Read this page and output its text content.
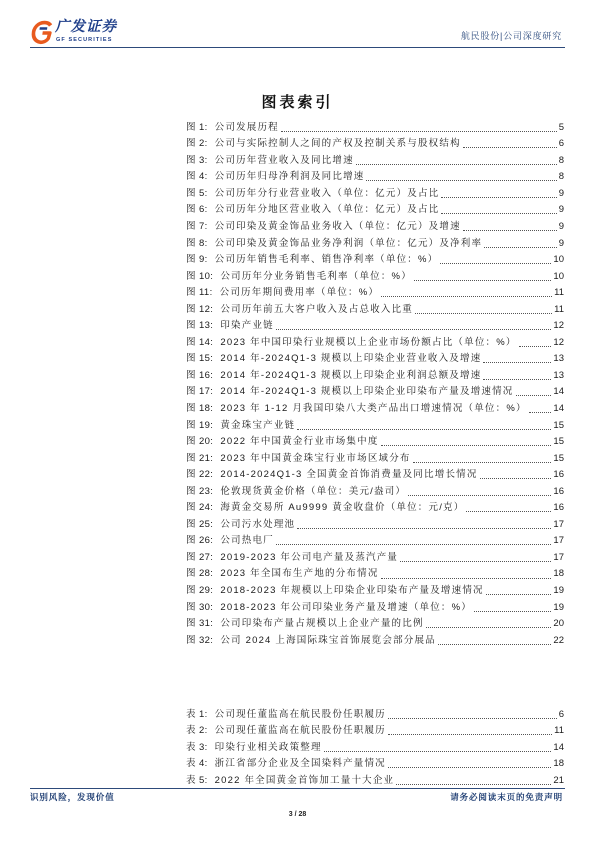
广发证券
GF SECURITIES	航民股份|公司深度研究
图表索引
图 1: 公司发展历程	5
图 2: 公司与实际控制人之间的产权及控制关系与股权结构	6
图 3: 公司历年营业收入及同比增速	8
图 4: 公司历年归母净利润及同比增速	8
图 5: 公司历年分行业营业收入（单位：亿元）及占比	9
图 6: 公司历年分地区营业收入（单位：亿元）及占比	9
图 7: 公司印染及黄金饰品业务收入（单位：亿元）及增速	9
图 8: 公司印染及黄金饰品业务净利润（单位：亿元）及净利率	9
图 9: 公司历年销售毛利率、销售净利率（单位：%）	10
图 10: 公司历年分业务销售毛利率（单位：%）	10
图 11: 公司历年期间费用率（单位：%）	11
图 12: 公司历年前五大客户收入及占总收入比重	11
图 13: 印染产业链	12
图 14: 2023 年中国印染行业规模以上企业市场份额占比（单位：%）	12
图 15: 2014 年-2024Q1-3 规模以上印染企业营业收入及增速	13
图 16: 2014 年-2024Q1-3 规模以上印染企业利润总额及增速	13
图 17: 2014 年-2024Q1-3 规模以上印染企业印染布产量及增速情况	14
图 18: 2023 年 1-12 月我国印染八大类产品出口增速情况（单位：%）	14
图 19: 黄金珠宝产业链	15
图 20: 2022 年中国黄金行业市场集中度	15
图 21: 2023 年中国黄金珠宝行业市场区域分布	15
图 22: 2014-2024Q1-3 全国黄金首饰消费量及同比增长情况	16
图 23: 伦敦现货黄金价格（单位：美元/盎司）	16
图 24: 海黄金交易所 Au9999 黄金收盘价（单位：元/克）	16
图 25: 公司污水处理池	17
图 26: 公司热电厂	17
图 27: 2019-2023 年公司电产量及蒸汽产量	17
图 28: 2023 年全国布生产地的分布情况	18
图 29: 2018-2023 年规模以上印染企业印染布产量及增速情况	19
图 30: 2018-2023 年公司印染业务产量及增速（单位：%）	19
图 31: 公司印染布产量占规模以上企业产量的比例	20
图 32: 公司 2024 上海国际珠宝首饰展览会部分展品	22
表 1: 公司现任董监高在航民股份任职履历	6
表 2: 公司现任董监高在航民股份任职履历	11
表 3: 印染行业相关政策整理	14
表 4: 浙江省部分企业及全国染料产量情况	18
表 5: 2022 年全国黄金首饰加工量十大企业	21
识别风险，发现价值	请务必阅读末页的免责声明
3 / 28
